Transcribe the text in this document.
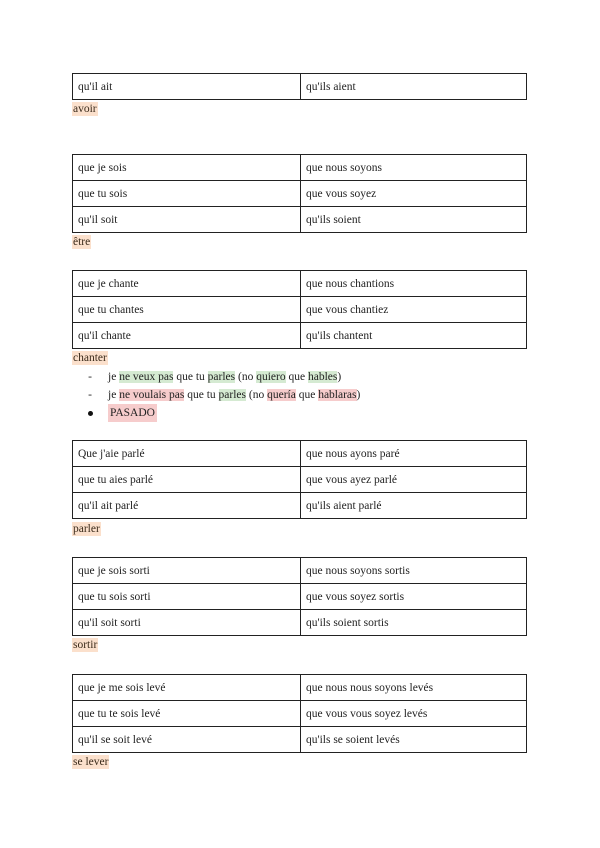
qu'il ait	qu'ils aient
avoir
que je sois	que nous soyons
que tu sois	que vous soyez
qu'il soit	qu'ils soient
être
que je chante	que nous chantions
que tu chantes	que vous chantiez
qu'il chante	qu'ils chantent
chanter
-	je ne veux pas que tu parles (no quiero que hables)
-	je ne voulais pas que tu parles (no quería que hablaras)
PASADO
Que j'aie parlé	que nous ayons paré
que tu aies parlé	que vous ayez parlé
qu'il ait parlé	qu'ils aient parlé
parler
que je sois sorti	que nous soyons sortis
que tu sois sorti	que vous soyez sortis
qu'il soit sorti	qu'ils soient sortis
sortir
que je me sois levé	que nous nous soyons levés
que tu te sois levé	que vous vous soyez levés
qu'il se soit levé	qu'ils se soient levés
se lever
